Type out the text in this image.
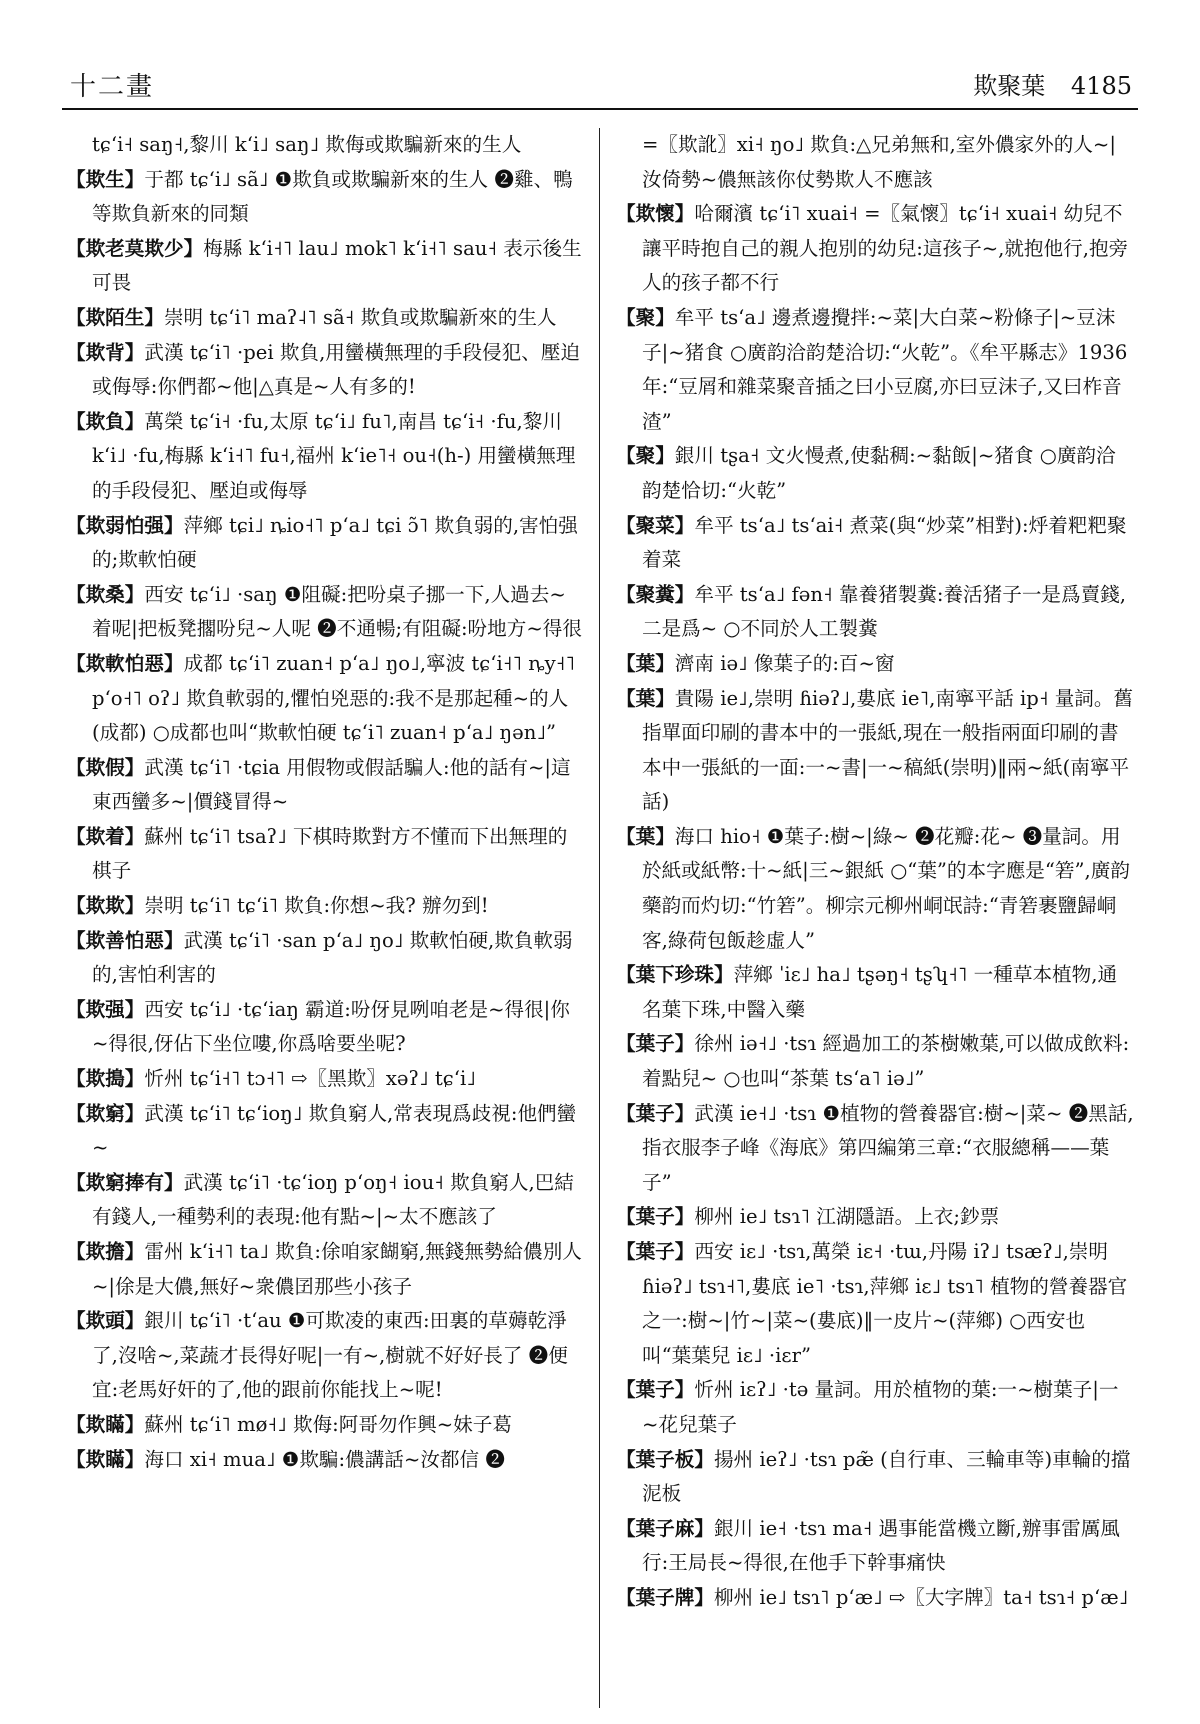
十二畫	欺聚葉 4185

tɕʻi˧ saŋ˧,黎川 kʻi˩ saŋ˩ 欺侮或欺騙新來的生人

【欺生】于都 tɕʻi˩ sã˩ ❶欺負或欺騙新來的生人 ❷雞、鴨等欺負新來的同類

【欺老莫欺少】梅縣 kʻi˧˥ lau˩ mok˥ kʻi˧˥ sau˧ 表示後生可畏

【欺陌生】崇明 tɕʻi˥ maʔ˨˥ sã˧ 欺負或欺騙新來的生人

【欺背】武漢 tɕʻi˥ ·pei 欺負,用蠻橫無理的手段侵犯、壓迫或侮辱:你們都~他|△真是~人有多的!

【欺負】萬榮 tɕʻi˧ ·fu,太原 tɕʻi˩ fu˥,南昌 tɕʻi˧ ·fu,黎川 kʻi˩ ·fu,梅縣 kʻi˧˥ fu˧,福州 kʻie˥˧ ou˧(h-) 用蠻橫無理的手段侵犯、壓迫或侮辱

【欺弱怕强】萍鄉 tɕi˩ ȵio˧˥ pʻa˩ tɕi ɔ̃˥ 欺負弱的,害怕强的;欺軟怕硬

【欺桑】西安 tɕʻi˩ ·saŋ ❶阻礙:把吩桌子挪一下,人過去~着呢|把板凳擱吩兒~人呢 ❷不通暢;有阻礙:吩地方~得很

【欺軟怕惡】成都 tɕʻi˥ zuan˧ pʻa˩ ŋo˩,寧波 tɕʻi˧˥ ȵy˧˥ pʻo˧˥ oʔ˩ 欺負軟弱的,懼怕兇惡的:我不是那起種~的人(成都) ○成都也叫“欺軟怕硬 tɕʻi˥ zuan˧ pʻa˩ ŋən˩”

【欺假】武漢 tɕʻi˥ ·tɕia 用假物或假話騙人:他的話有~|這東西蠻多~|價錢冒得~

【欺着】蘇州 tɕʻi˥ tsaʔ˩ 下棋時欺對方不懂而下出無理的棋子

【欺欺】崇明 tɕʻi˥ tɕʻi˥ 欺負:你想~我? 辦勿到!

【欺善怕惡】武漢 tɕʻi˥ ·san pʻa˩ ŋo˩ 欺軟怕硬,欺負軟弱的,害怕利害的

【欺强】西安 tɕʻi˩ ·tɕʻiaŋ 霸道:吩伢見咧咱老是~得很|你~得很,伢佔下坐位嘍,你爲啥要坐呢?

【欺搗】忻州 tɕʻi˧˥ tɔ˧˥ ⇨〖黑欺〗xəʔ˩ tɕʻi˩

【欺窮】武漢 tɕʻi˥ tɕʻioŋ˩ 欺負窮人,常表現爲歧視:他們蠻~

【欺窮捧有】武漢 tɕʻi˥ ·tɕʻioŋ pʻoŋ˧ iou˧ 欺負窮人,巴結有錢人,一種勢利的表現:他有點~|~太不應該了

【欺擔】雷州 kʻi˧˥ ta˩ 欺負:俆咱家餬窮,無錢無勢給儂別人~|俆是大儂,無好~衆儂囝那些小孩子

【欺頭】銀川 tɕʻi˥ ·tʻau ❶可欺凌的東西:田裏的草薅乾淨了,沒啥~,菜蔬才長得好呢|一有~,樹就不好好長了 ❷便宜:老馬好奸的了,他的跟前你能找上~呢!

【欺瞞】蘇州 tɕʻi˥ mø˧˩ 欺侮:阿哥勿作興~妹子葛

【欺瞞】海口 xi˧ mua˩ ❶欺騙:儂講話~汝都信 ❷

=〖欺訛〗xi˧ ŋo˩ 欺負:△兄弟無和,室外儂家外的人~|汝倚勢~儂無該你仗勢欺人不應該

【欺懷】哈爾濱 tɕʻi˥ xuai˧ =〖氣懷〗tɕʻi˧ xuai˧ 幼兒不讓平時抱自己的親人抱別的幼兒:這孩子~,就抱他行,抱旁人的孩子都不行

【聚】牟平 tsʻa˩ 邊煮邊攪拌:~菜|大白菜~粉條子|~豆沫子|~猪食 ○廣韵洽韵楚洽切:“火乾”。《牟平縣志》1936年:“豆屑和雜菜聚音插之曰小豆腐,亦曰豆沫子,又曰柞音渣”

【聚】銀川 tʂa˧ 文火慢煮,使黏稠:~黏飯|~猪食 ○廣韵洽韵楚恰切:“火乾”

【聚菜】牟平 tsʻa˩ tsʻai˧ 煮菜(與“炒菜”相對):烀着粑粑聚着菜

【聚糞】牟平 tsʻa˩ fən˧ 靠養猪製糞:養活猪子一是爲賣錢,二是爲~ ○不同於人工製糞

【葉】濟南 iə˩ 像葉子的:百~窗

【葉】貴陽 ie˩,崇明 ɦiəʔ˩,婁底 ie˥,南寧平話 ip˧ 量詞。舊指單面印刷的書本中的一張紙,現在一般指兩面印刷的書本中一張紙的一面:一~書|一~稿紙(崇明)‖兩~紙(南寧平話)

【葉】海口 hio˧ ❶葉子:樹~|綠~ ❷花瓣:花~ ❸量詞。用於紙或紙幣:十~紙|三~銀紙 ○“葉”的本字應是“箬”,廣韵藥韵而灼切:“竹箬”。柳宗元柳州峒氓詩:“青箬裹鹽歸峒客,綠荷包飯趁虛人”

【葉下珍珠】萍鄉 ˈiɛ˩ ha˩ tʂəŋ˧ tʂʮ˧˥ 一種草本植物,通名葉下珠,中醫入藥

【葉子】徐州 iə˧˩ ·tsɿ 經過加工的茶樹嫩葉,可以做成飲料:着點兒~ ○也叫“茶葉 tsʻa˥ iə˩”

【葉子】武漢 ie˧˩ ·tsɿ ❶植物的營養器官:樹~|菜~ ❷黑話,指衣服李子峰《海底》第四編第三章:“衣服總稱——葉子”

【葉子】柳州 ie˩ tsɿ˥ 江湖隱語。上衣;鈔票

【葉子】西安 iɛ˩ ·tsɿ,萬榮 iɛ˧ ·tɯ,丹陽 iʔ˩ tsæʔ˩,崇明 ɦiəʔ˩ tsɿ˧˥,婁底 ie˥ ·tsɿ,萍鄉 iɛ˩ tsɿ˥ 植物的營養器官之一:樹~|竹~|菜~(婁底)‖一皮片~(萍鄉) ○西安也叫“葉葉兒 iɛ˩ ·iɛr”

【葉子】忻州 iɛʔ˩ ·tə 量詞。用於植物的葉:一~樹葉子|一~花兒葉子

【葉子板】揚州 ieʔ˩ ·tsɿ pæ̃ (自行車、三輪車等)車輪的擋泥板

【葉子麻】銀川 ie˧ ·tsɿ ma˧ 遇事能當機立斷,辦事雷厲風行:王局長~得很,在他手下幹事痛快

【葉子牌】柳州 ie˩ tsɿ˥ pʻæ˩ ⇨〖大字牌〗ta˧ tsɿ˧ pʻæ˩
